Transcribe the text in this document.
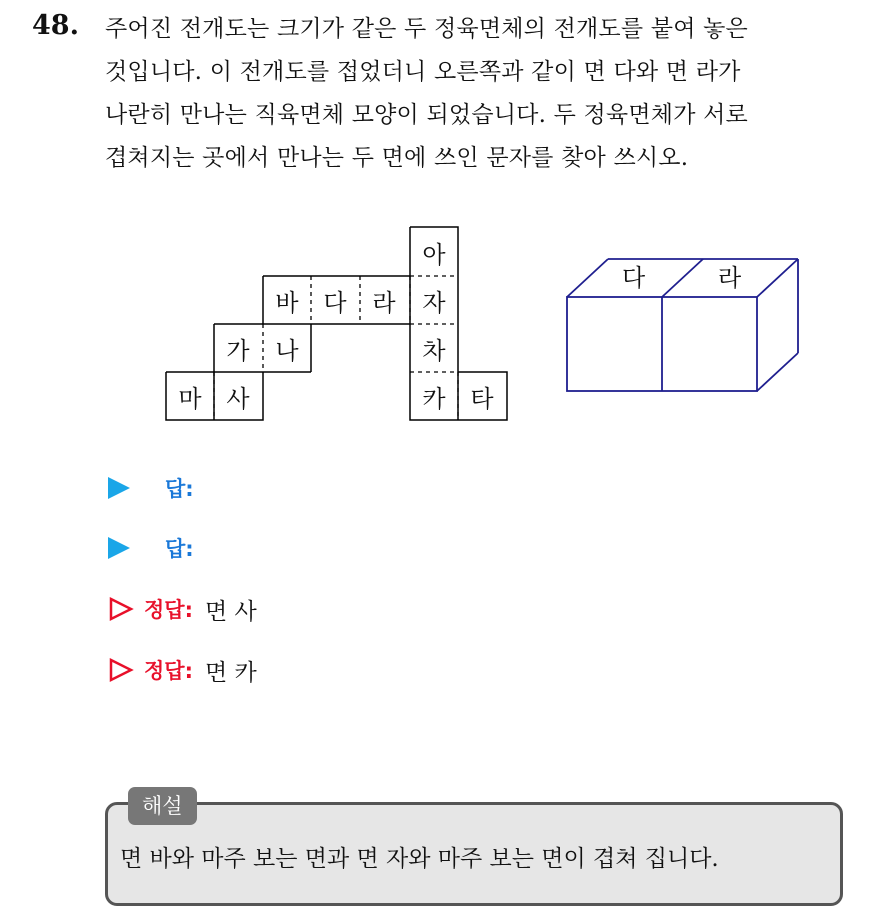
48. 주어진 전개도는 크기가 같은 두 정육면체의 전개도를 붙여 놓은
것입니다. 이 전개도를 접었더니 오른쪽과 같이 면 다와 면 라가
나란히 만나는 직육면체 모양이 되었습니다. 두 정육면체가 서로
겹쳐지는 곳에서 만나는 두 면에 쓰인 문자를 찾아 쓰시오.
아
바	다	라	자
가	나	차
마	사	카	타
다	라
답:
답:
정답: 면 사
정답: 면 카
해설
면 바와 마주 보는 면과 면 자와 마주 보는 면이 겹쳐 집니다.
